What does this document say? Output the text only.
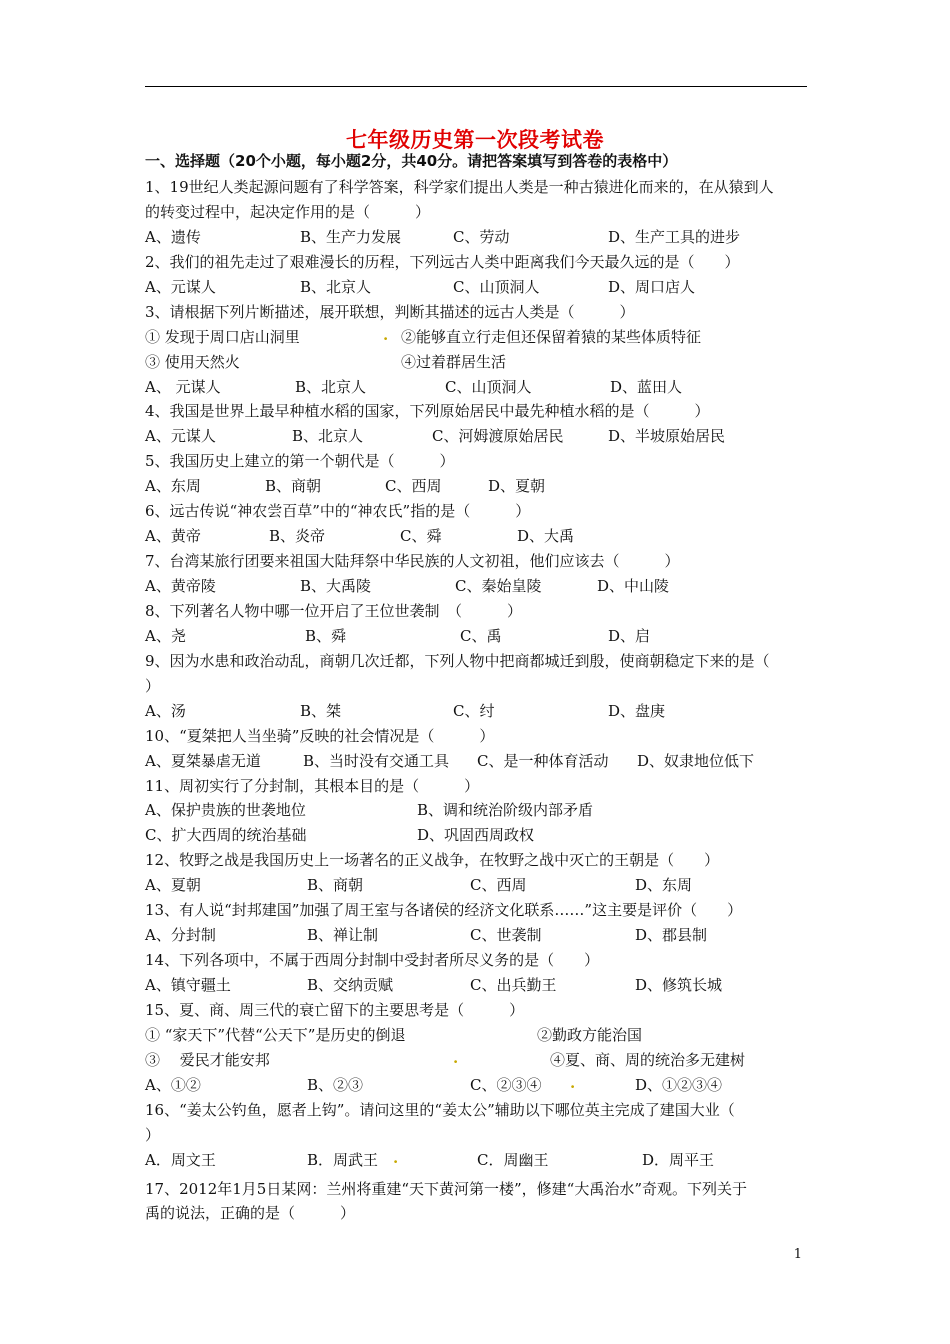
七年级历史第一次段考试卷
一、选择题（20个小题，每小题2分，共40分。请把答案填写到答卷的表格中）
1、19世纪人类起源问题有了科学答案，科学家们提出人类是一种古猿进化而来的，在从猿到人
的转变过程中，起决定作用的是（　　　）
A、遗传	B、生产力发展	C、劳动	D、生产工具的进步
2、我们的祖先走过了艰难漫长的历程，下列远古人类中距离我们今天最久远的是（　　）
A、元谋人	B、北京人	C、山顶洞人	D、周口店人
3、请根据下列片断描述，展开联想，判断其描述的远古人类是（　　　）
① 发现于周口店山洞里	. ②能够直立行走但还保留着猿的某些体质特征
③ 使用天然火	④过着群居生活
A、 元谋人	B、北京人	C、山顶洞人	D、蓝田人
4、我国是世界上最早种植水稻的国家，下列原始居民中最先种植水稻的是（　　　）
A、元谋人	B、北京人	C、河姆渡原始居民	D、半坡原始居民
5、我国历史上建立的第一个朝代是（　　　）
A、东周	B、商朝	C、西周	D、夏朝
6、远古传说“神农尝百草”中的“神农氏”指的是（　　　）
A、黄帝	B、炎帝	C、舜	D、大禹
7、台湾某旅行团要来祖国大陆拜祭中华民族的人文初祖，他们应该去（　　　）
A、黄帝陵	B、大禹陵	C、秦始皇陵	D、中山陵
8、下列著名人物中哪一位开启了王位世袭制　（　　　）
A、尧	B、舜	C、禹	D、启
9、因为水患和政治动乱，商朝几次迁都，下列人物中把商都城迁到殷，使商朝稳定下来的是（
）
A、汤	B、桀	C、纣	D、盘庚
10、“夏桀把人当坐骑”反映的社会情况是（　　　）
A、夏桀暴虐无道	B、当时没有交通工具 C、是一种体育活动 D、奴隶地位低下
11、周初实行了分封制，其根本目的是（　　　）
A、保护贵族的世袭地位	B、调和统治阶级内部矛盾
C、扩大西周的统治基础	D、巩固西周政权
12、牧野之战是我国历史上一场著名的正义战争，在牧野之战中灭亡的王朝是（　　）
A、夏朝	B、商朝	C、西周	D、东周
13、有人说“封邦建国”加强了周王室与各诸侯的经济文化联系……”这主要是评价（　　）
A、分封制	B、禅让制	C、世袭制	D、郡县制
14、下列各项中，不属于西周分封制中受封者所尽义务的是（　　）
A、镇守疆土	B、交纳贡赋	C、出兵勤王	D、修筑长城
15、夏、商、周三代的衰亡留下的主要思考是（　　　）
① “家天下”代替“公天下”是历史的倒退	②勤政方能治国
③　 爱民才能安邦	.	④夏、商、周的统治多无建树
A、①②	B、②③	C、②③④ .	D、①②③④
16、“姜太公钓鱼，愿者上钩”。请问这里的“姜太公”辅助以下哪位英主完成了建国大业（
）
A．周文王	B．周武王 .	C．周幽王	D．周平王
17、2012年1月5日某网：兰州将重建“天下黄河第一楼”，修建“大禹治水”奇观。下列关于
禹的说法，正确的是（　　　）
1
